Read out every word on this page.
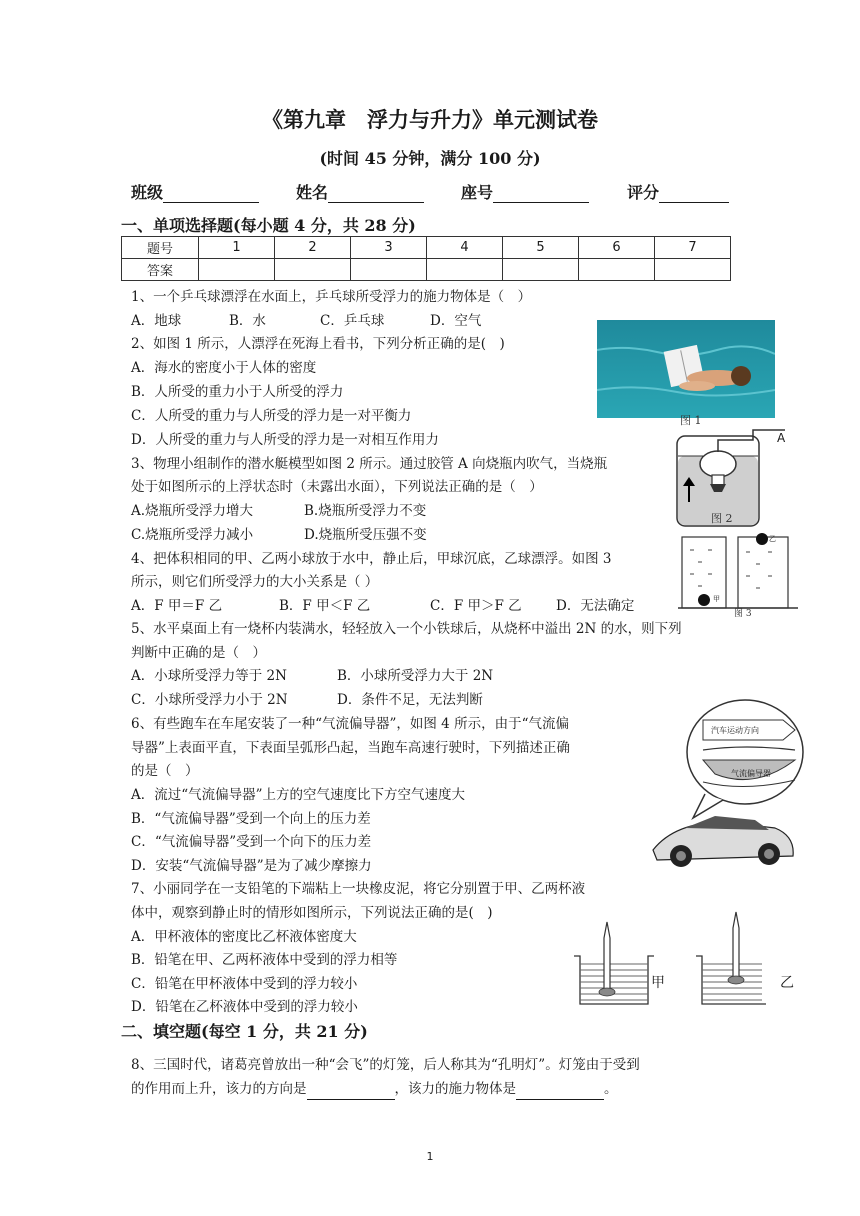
《第九章　浮力与升力》单元测试卷
(时间 45 分钟，满分 100 分)
班级	姓名	座号	评分
一、单项选择题(每小题 4 分，共 28 分)
题号	1	2	3	4	5	6	7
答案							
1、一个乒乓球漂浮在水面上，乒乓球所受浮力的施力物体是（　）
A．地球	B．水	C．乒乓球	D．空气
2、如图 1 所示，人漂浮在死海上看书，下列分析正确的是(　)
A．海水的密度小于人体的密度
B．人所受的重力小于人所受的浮力
C．人所受的重力与人所受的浮力是一对平衡力
D．人所受的重力与人所受的浮力是一对相互作用力
图 1
3、物理小组制作的潜水艇模型如图 2 所示。通过胶管 A 向烧瓶内吹气，当烧瓶
处于如图所示的上浮状态时（未露出水面），下列说法正确的是（　）
A.烧瓶所受浮力增大	B.烧瓶所受浮力不变
C.烧瓶所受浮力减小	D.烧瓶所受压强不变
A
图 2
4、把体积相同的甲、乙两小球放于水中，静止后，甲球沉底，乙球漂浮。如图 3
所示，则它们所受浮力的大小关系是（ ）
A．F 甲＝F 乙	B．F 甲＜F 乙	C．F 甲＞F 乙	D．无法确定	甲
乙
图 3
5、水平桌面上有一烧杯内装满水，轻轻放入一个小铁球后，从烧杯中溢出 2N 的水，则下列
判断中正确的是（　）
A．小球所受浮力等于 2N	B．小球所受浮力大于 2N
C．小球所受浮力小于 2N	D．条件不足，无法判断
6、有些跑车在车尾安装了一种“气流偏导器”，如图 4 所示，由于“气流偏
导器”上表面平直，下表面呈弧形凸起，当跑车高速行驶时，下列描述正确
的是（　）
A．流过“气流偏导器”上方的空气速度比下方空气速度大
B．“气流偏导器”受到一个向上的压力差
C．“气流偏导器”受到一个向下的压力差
D．安装“气流偏导器”是为了减少摩擦力
汽车运动方向
气流偏导器
7、小丽同学在一支铅笔的下端粘上一块橡皮泥，将它分别置于甲、乙两杯液
体中，观察到静止时的情形如图所示，下列说法正确的是(　)
A．甲杯液体的密度比乙杯液体密度大
B．铅笔在甲、乙两杯液体中受到的浮力相等
C．铅笔在甲杯液体中受到的浮力较小
D．铅笔在乙杯液体中受到的浮力较小
甲	乙
二、填空题(每空 1 分，共 21 分)
8、三国时代，诸葛亮曾放出一种“会飞”的灯笼，后人称其为“孔明灯”。灯笼由于受到
的作用而上升，该力的方向是	，该力的施力物体是	。
1
